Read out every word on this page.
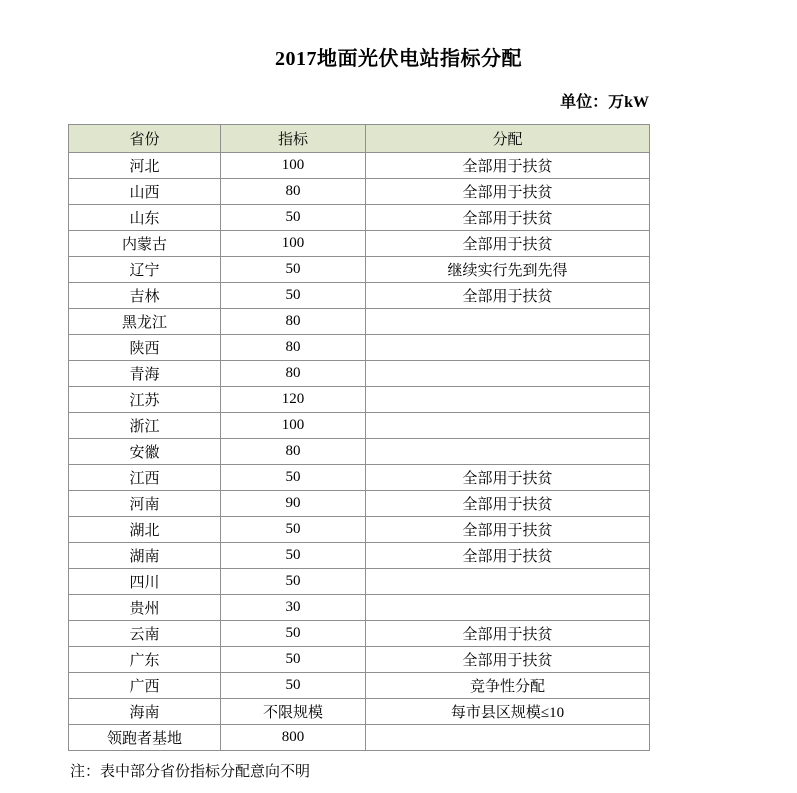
2017地面光伏电站指标分配
单位：万kW
省份	指标	分配
河北	100	全部用于扶贫
山西	80	全部用于扶贫
山东	50	全部用于扶贫
内蒙古	100	全部用于扶贫
辽宁	50	继续实行先到先得
吉林	50	全部用于扶贫
黑龙江	80	
陕西	80	
青海	80	
江苏	120	
浙江	100	
安徽	80	
江西	50	全部用于扶贫
河南	90	全部用于扶贫
湖北	50	全部用于扶贫
湖南	50	全部用于扶贫
四川	50	
贵州	30	
云南	50	全部用于扶贫
广东	50	全部用于扶贫
广西	50	竞争性分配
海南	不限规模	每市县区规模≤10
领跑者基地	800	
注：表中部分省份指标分配意向不明
